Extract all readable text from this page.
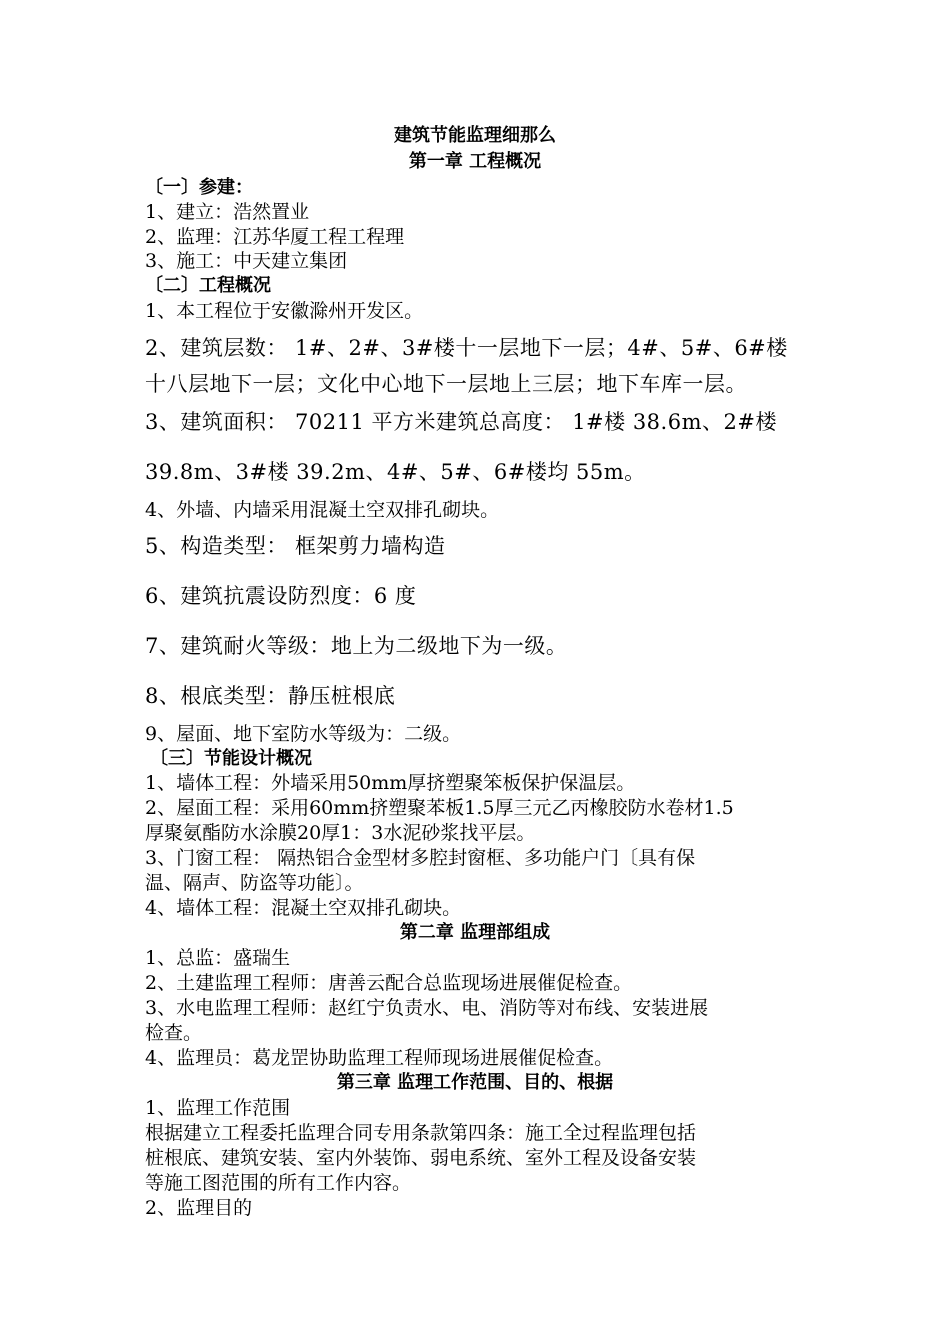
建筑节能监理细那么
第一章 工程概况
〔一〕参建：
1、建立：浩然置业
2、监理：江苏华厦工程工程理
3、施工：中天建立集团
〔二〕工程概况
1、本工程位于安徽滁州开发区。
2、建筑层数： 1#、2#、3#楼十一层地下一层；4#、5#、6#楼
十八层地下一层；文化中心地下一层地上三层；地下车库一层。
3、建筑面积： 70211 平方米建筑总高度： 1#楼 38.6m、2#楼
39.8m、3#楼 39.2m、4#、5#、6#楼均 55m。
4、外墙、内墙采用混凝土空双排孔砌块。
5、构造类型： 框架剪力墙构造
6、建筑抗震设防烈度：6 度
7、建筑耐火等级：地上为二级地下为一级。
8、根底类型：静压桩根底
9、屋面、地下室防水等级为：二级。
〔三〕节能设计概况
1、墙体工程：外墙采用50mm厚挤塑聚笨板保护保温层。
2、屋面工程：采用60mm挤塑聚苯板1.5厚三元乙丙橡胶防水卷材1.5
厚聚氨酯防水涂膜20厚1：3水泥砂浆找平层。
3、门窗工程： 隔热铝合金型材多腔封窗框、多功能户门〔具有保
温、隔声、防盗等功能〕。
4、墙体工程：混凝土空双排孔砌块。
第二章 监理部组成
1、总监：盛瑞生
2、土建监理工程师：唐善云配合总监现场进展催促检查。
3、水电监理工程师：赵红宁负责水、电、消防等对布线、安装进展
检查。
4、监理员：葛龙罡协助监理工程师现场进展催促检查。
第三章 监理工作范围、目的、根据
1、监理工作范围
根据建立工程委托监理合同专用条款第四条：施工全过程监理包括
桩根底、建筑安装、室内外装饰、弱电系统、室外工程及设备安装
等施工图范围的所有工作内容。
2、监理目的
